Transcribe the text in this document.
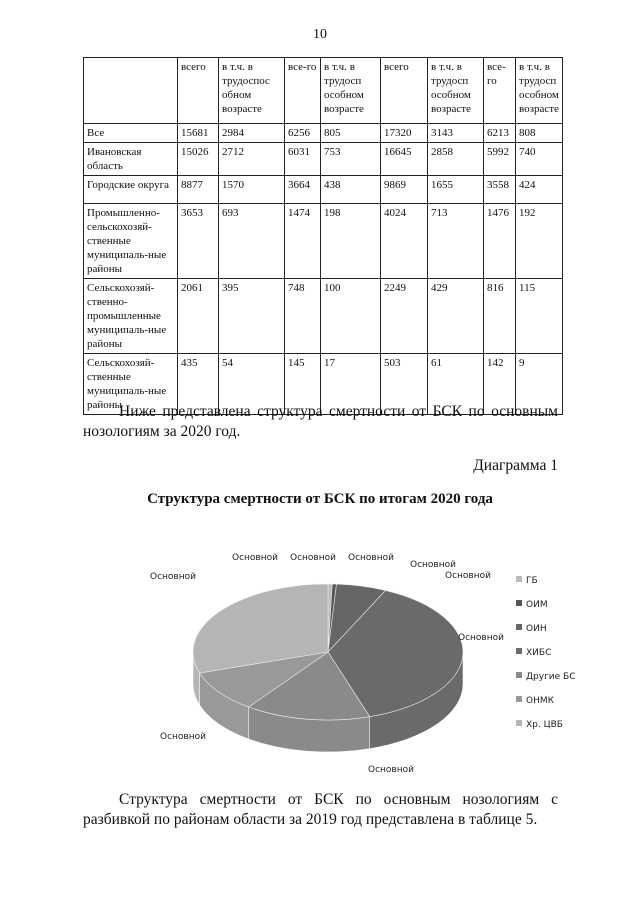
10
	всего	в т.ч. в трудоспос обном возрасте	все-го	в т.ч. в трудосп особном возрасте	всего	в т.ч. в трудосп особном возрасте	все-го	в т.ч. в трудосп особном возрасте
Все	15681	2984	6256	805	17320	3143	6213	808
Ивановская область	15026	2712	6031	753	16645	2858	5992	740
Городские округа	8877	1570	3664	438	9869	1655	3558	424
Промышленно-сельскохозяй-ственные муниципаль-ные районы	3653	693	1474	198	4024	713	1476	192
Сельскохозяй-ственно-промышленные муниципаль-ные районы	2061	395	748	100	2249	429	816	115
Сельскохозяй-ственные муниципаль-ные районы	435	54	145	17	503	61	142	9
Ниже представлена структура смертности от БСК по основным нозологиям за 2020 год.
Диаграмма 1
Структура смертности от БСК по итогам 2020 года
Основной Основной Основной
Основной
Основной
Основной
Основной
Основной
Основной
ГБ
ОИМ
ОИН
ХИБС
Другие БС
ОНМК
Хр. ЦВБ
Структура смертности от БСК по основным нозологиям с разбивкой по районам области за 2019 год представлена в таблице 5.
